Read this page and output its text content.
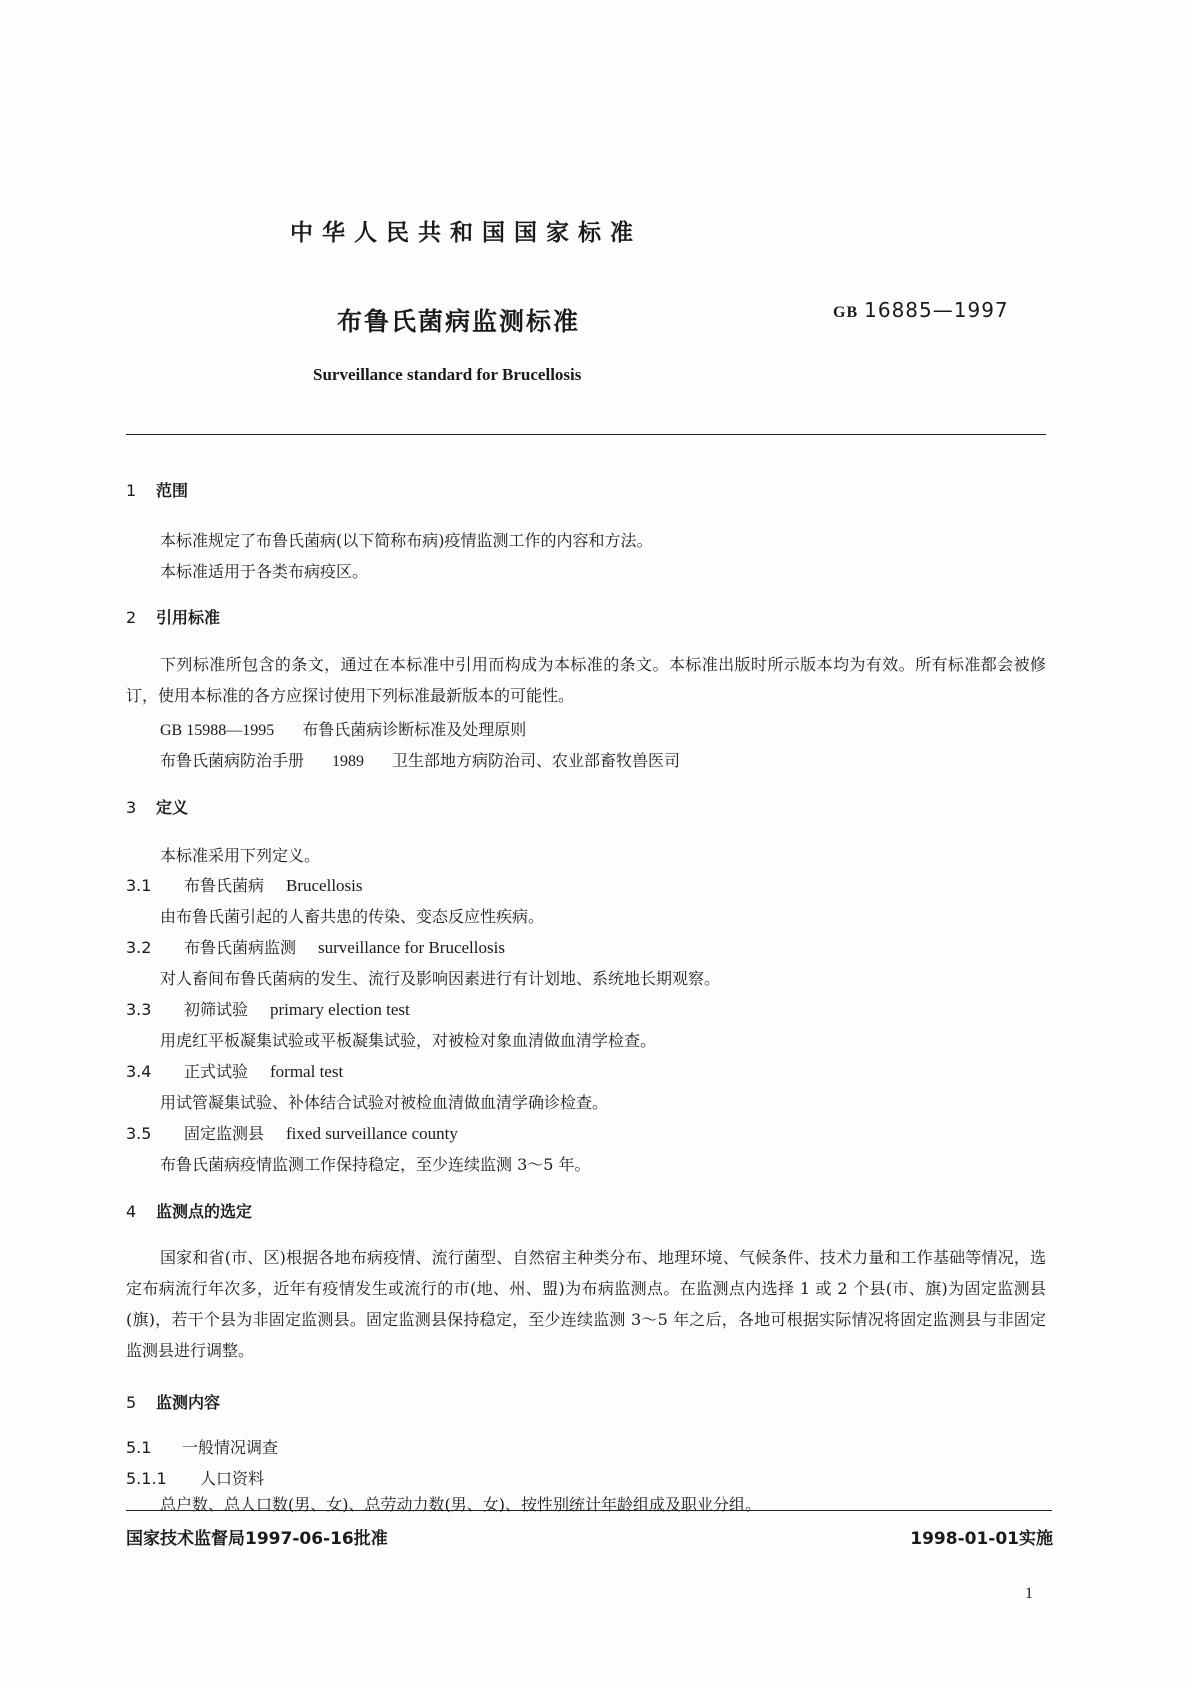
中华人民共和国国家标准
布鲁氏菌病监测标准	GB 16885—1997
Surveillance standard for Brucellosis
1 范围
本标准规定了布鲁氏菌病(以下简称布病)疫情监测工作的内容和方法。
本标准适用于各类布病疫区。
2 引用标准
下列标准所包含的条文，通过在本标准中引用而构成为本标准的条文。本标准出版时所示版本均为有效。所有标准都会被修订，使用本标准的各方应探讨使用下列标准最新版本的可能性。
GB 15988—1995 布鲁氏菌病诊断标准及处理原则
布鲁氏菌病防治手册 1989 卫生部地方病防治司、农业部畜牧兽医司
3 定义
本标准采用下列定义。
3.1 布鲁氏菌病 Brucellosis
由布鲁氏菌引起的人畜共患的传染、变态反应性疾病。
3.2 布鲁氏菌病监测 surveillance for Brucellosis
对人畜间布鲁氏菌病的发生、流行及影响因素进行有计划地、系统地长期观察。
3.3 初筛试验 primary election test
用虎红平板凝集试验或平板凝集试验，对被检对象血清做血清学检查。
3.4 正式试验 formal test
用试管凝集试验、补体结合试验对被检血清做血清学确诊检查。
3.5 固定监测县 fixed surveillance county
布鲁氏菌病疫情监测工作保持稳定，至少连续监测 3～5 年。
4 监测点的选定
国家和省(市、区)根据各地布病疫情、流行菌型、自然宿主种类分布、地理环境、气候条件、技术力量和工作基础等情况，选定布病流行年次多，近年有疫情发生或流行的市(地、州、盟)为布病监测点。在监测点内选择 1 或 2 个县(市、旗)为固定监测县(旗)，若干个县为非固定监测县。固定监测县保持稳定，至少连续监测 3～5 年之后，各地可根据实际情况将固定监测县与非固定监测县进行调整。
5 监测内容
5.1 一般情况调查
5.1.1 人口资料
总户数、总人口数(男、女)、总劳动力数(男、女)、按性别统计年龄组成及职业分组。
国家技术监督局1997-06-16批准	1998-01-01实施
1
